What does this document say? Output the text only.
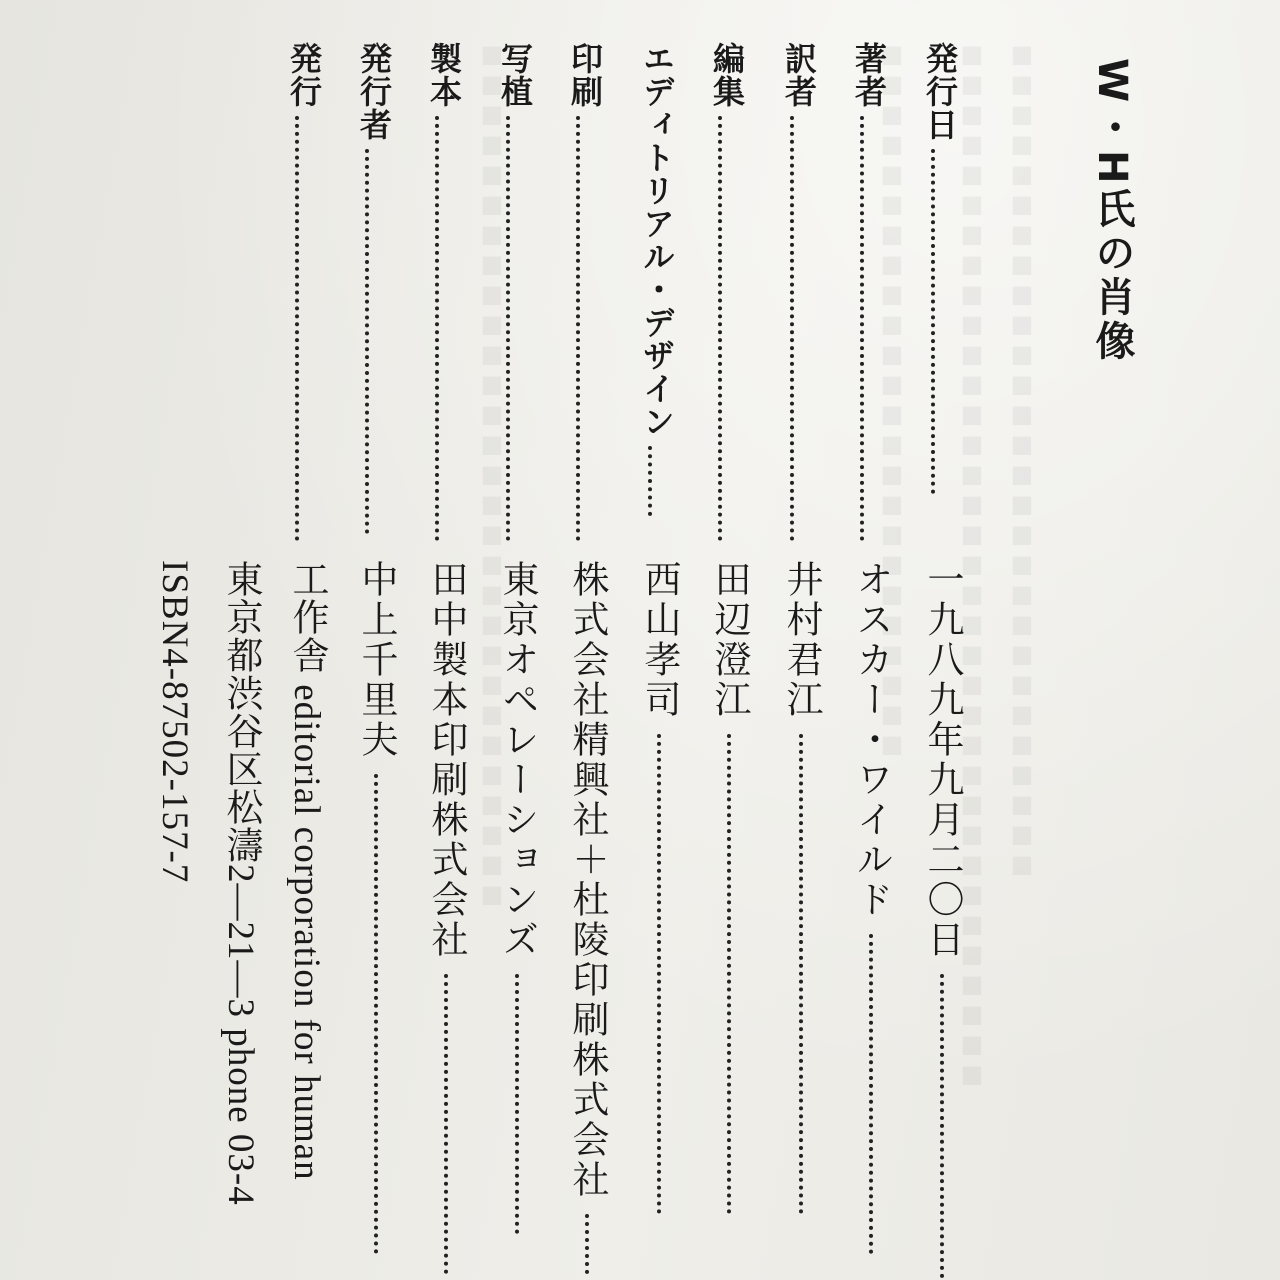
■■■■■■■■■■■■■■■■■■■■■■■■■■■■
■■■■■■■■■■■■■■■■■■■■■■■■■■■■■■■■■■■
■■■■■■■■■■■■■■■■■■■■■■■■
■■■■■■■■■■■■■■■■■■■■■■■■■■■■■	W・H氏の肖像
発行日
一九八九年九月二〇日
著者
オスカー・ワイルド
訳者
井村君江
編集
田辺澄江
エディトリアル・デザイン
西山孝司
印刷
株式会社精興社＋杜陵印刷株式会社
写植
東京オペレーションズ
製本
田中製本印刷株式会社
発行者
中上千里夫
発行
工作舎 editorial corporation for human
東京都渋谷区松濤2—21—3 phone 03-4
ISBN4-87502-157-7
